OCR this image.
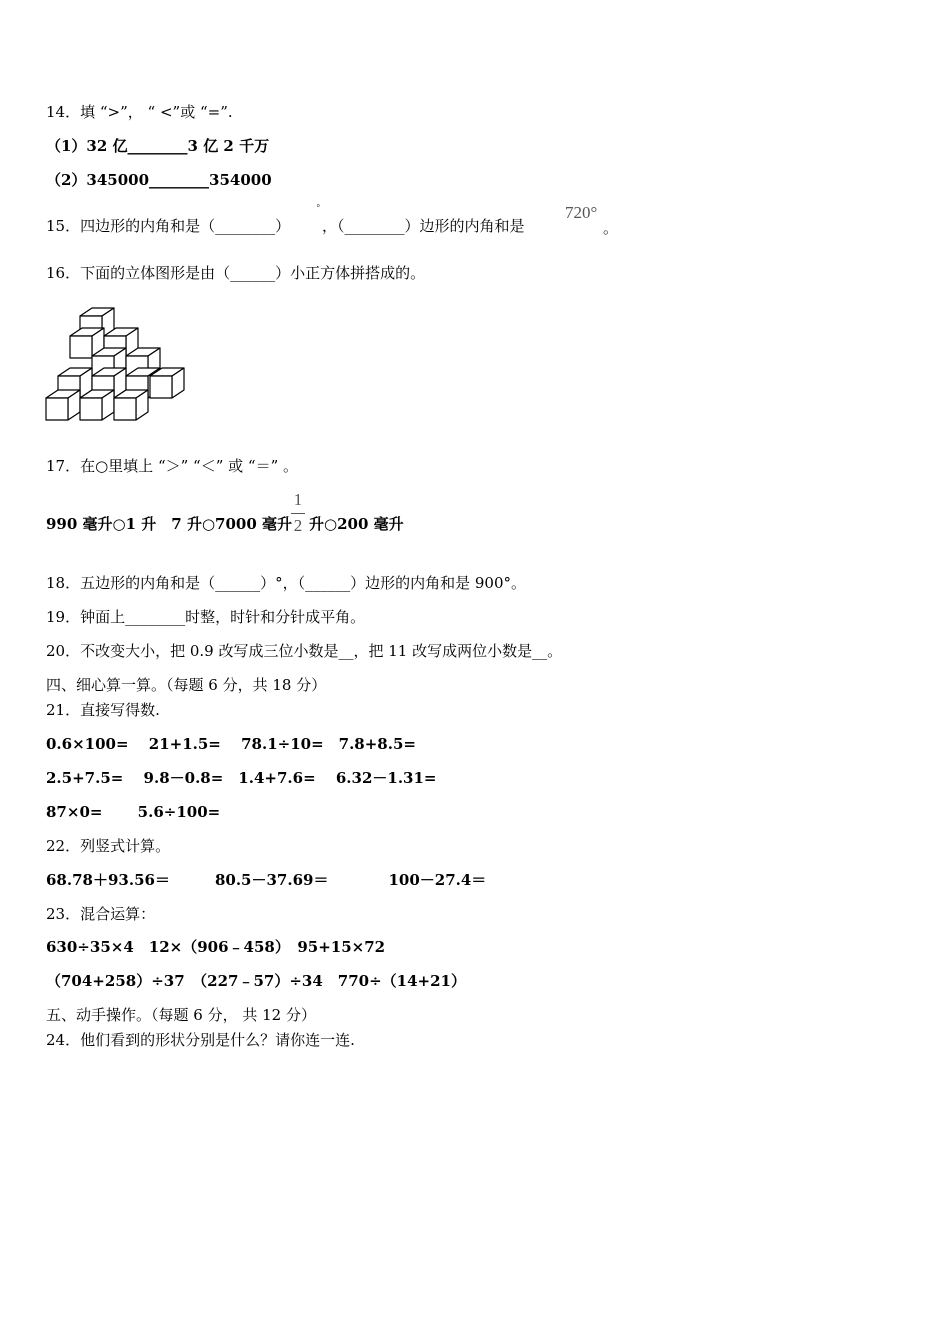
14．填 “>”， “ <”或 “=”.
（1）32 亿________3 亿 2 千万
（2）345000________354000
15．四边形的内角和是（________）
°
，（________）边形的内角和是
720°
。
16．下面的立体图形是由（______）小正方体拼搭成的。
17．在○里填上 “＞” “＜” 或 “＝” 。
990 毫升○1 升　7 升○7000 毫升
1
2 升○200 毫升
18．五边形的内角和是（______）°，（______）边形的内角和是 900°。
19．钟面上________时整，时针和分针成平角。
20．不改变大小，把 0.9 改写成三位小数是__，把 11 改写成两位小数是__。
四、细心算一算。（每题 6 分，共 18 分）
21．直接写得数.
0.6×100=　 21+1.5=　 78.1÷10=　7.8+8.5=
2.5+7.5=　 9.8－0.8=　1.4+7.6=　 6.32－1.31=
87×0=　　 5.6÷100=
22．列竖式计算。
68.78＋93.56＝　　　80.5－37.69＝　　　　100－27.4＝
23．混合运算：
630÷35×4　12×（906﹣458）　95+15×72
（704+258）÷37　（227﹣57）÷34　770÷（14+21）
五、动手操作。（每题 6 分， 共 12 分）
24．他们看到的形状分别是什么？请你连一连.
